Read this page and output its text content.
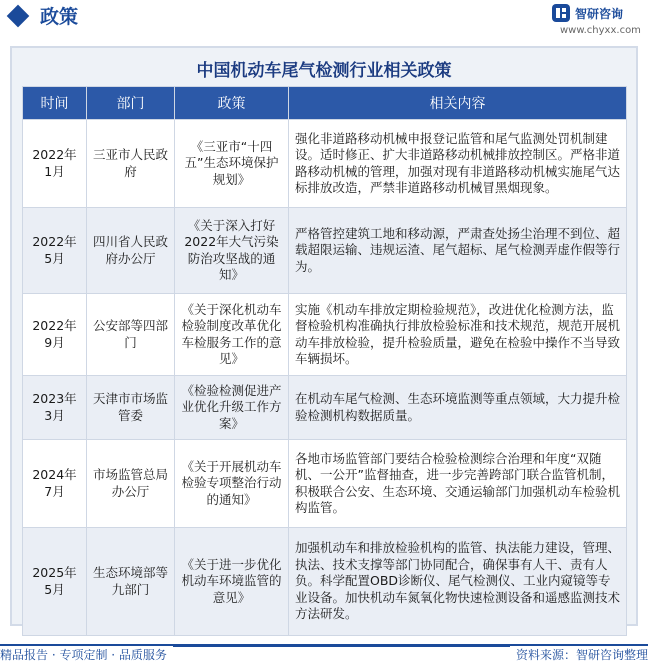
政策	智研咨询
www.chyxx.com
中国机动车尾气检测行业相关政策
时间	部门	政策	相关内容
2022年1月	三亚市人民政府	《三亚市“十四五”生态环境保护规划》	强化非道路移动机械申报登记监管和尾气监测处罚机制建设。适时修正、扩大非道路移动机械排放控制区。严格非道路移动机械的管理，加强对现有非道路移动机械实施尾气达标排放改造，严禁非道路移动机械冒黑烟现象。
2022年5月	四川省人民政府办公厅	《关于深入打好2022年大气污染防治攻坚战的通知》	严格管控建筑工地和移动源，严肃查处扬尘治理不到位、超载超限运输、违规运渣、尾气超标、尾气检测弄虚作假等行为。
2022年9月	公安部等四部门	《关于深化机动车检验制度改革优化车检服务工作的意见》	实施《机动车排放定期检验规范》，改进优化检测方法，监督检验机构准确执行排放检验标准和技术规范，规范开展机动车排放检验，提升检验质量，避免在检验中操作不当导致车辆损坏。
2023年3月	天津市市场监管委	《检验检测促进产业优化升级工作方案》	在机动车尾气检测、生态环境监测等重点领域，大力提升检验检测机构数据质量。
2024年7月	市场监管总局办公厅	《关于开展机动车检验专项整治行动的通知》	各地市场监管部门要结合检验检测综合治理和年度“双随机、一公开”监督抽查，进一步完善跨部门联合监管机制，积极联合公安、生态环境、交通运输部门加强机动车检验机构监管。
2025年5月	生态环境部等九部门	《关于进一步优化机动车环境监管的意见》	加强机动车和排放检验机构的监管、执法能力建设，管理、执法、技术支撑等部门协同配合，确保事有人干、责有人负。科学配置OBD诊断仪、尾气检测仪、工业内窥镜等专业设备。加快机动车氮氧化物快速检测设备和遥感监测技术方法研发。
精品报告 · 专项定制 · 品质服务	资料来源：智研咨询整理
